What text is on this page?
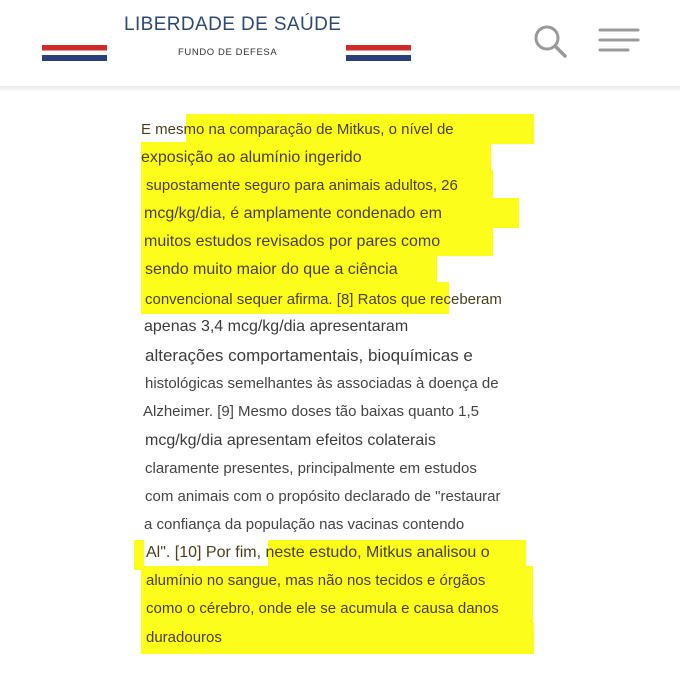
LIBERDADE DE SAÚDE
FUNDO DE DEFESA
E mesmo na comparação de Mitkus, o nível de
exposição ao alumínio ingerido
supostamente seguro para animais adultos, 26
mcg/kg/dia, é amplamente condenado em
muitos estudos revisados por pares como
sendo muito maior do que a ciência
convencional sequer afirma. [8] Ratos que receberam
apenas 3,4 mcg/kg/dia apresentaram
alterações comportamentais, bioquímicas e
histológicas semelhantes às associadas à doença de
Alzheimer. [9] Mesmo doses tão baixas quanto 1,5
mcg/kg/dia apresentam efeitos colaterais
claramente presentes, principalmente em estudos
com animais com o propósito declarado de "restaurar
a confiança da população nas vacinas contendo
Al". [10] Por fim, neste estudo, Mitkus analisou o
alumínio no sangue, mas não nos tecidos e órgãos
como o cérebro, onde ele se acumula e causa danos
duradouros
